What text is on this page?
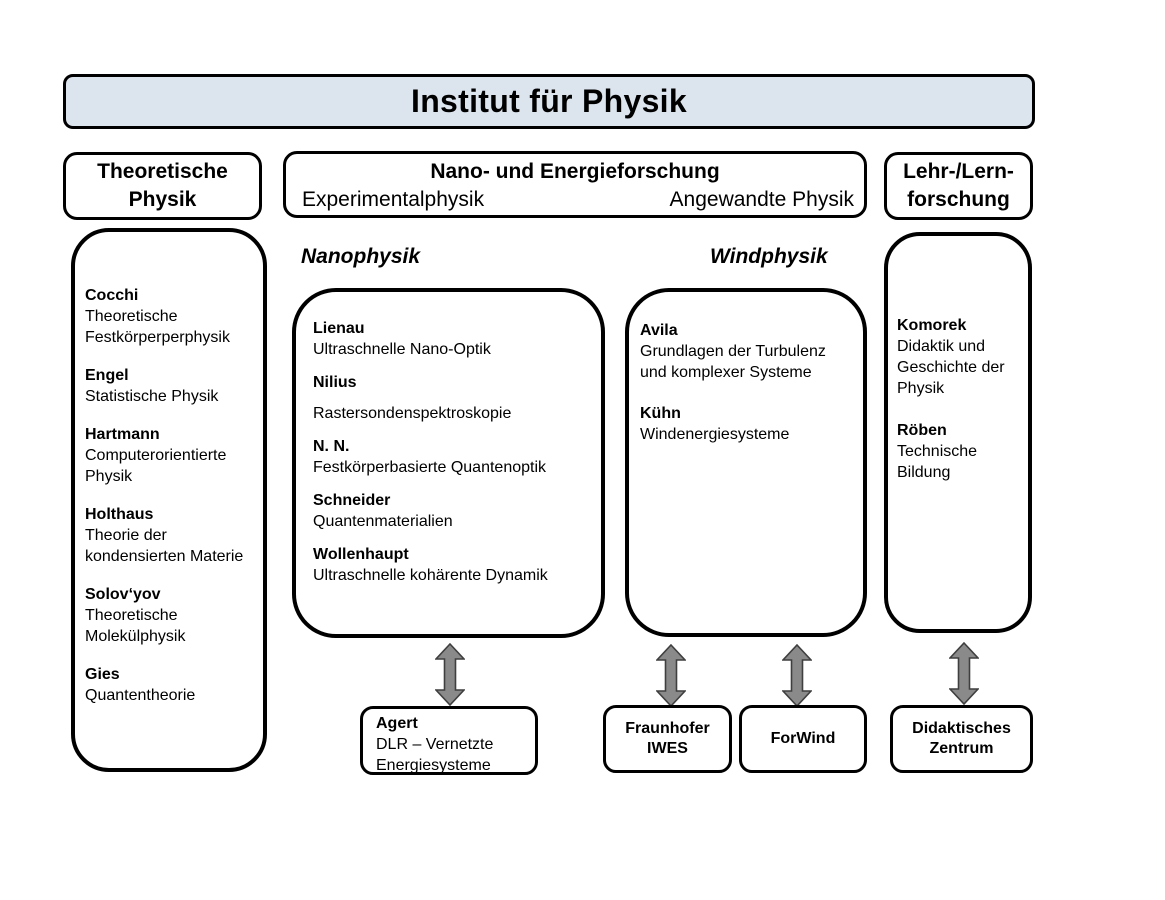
Institut für Physik
Theoretische Physik
Nano- und Energieforschung
Experimentalphysik	Angewandte Physik
Lehr-/Lern-forschung
Nanophysik	Windphysik
Cocchi
Theoretische Festkörperperphysik
Engel
Statistische Physik
Hartmann
Computerorientierte Physik
Holthaus
Theorie der kondensierten Materie
Solov‘yov
Theoretische Molekülphysik
Gies
Quantentheorie
Lienau
Ultraschnelle Nano-Optik
Nilius
Rastersondenspektroskopie
N. N.
Festkörperbasierte Quantenoptik
Schneider
Quantenmaterialien
Wollenhaupt
Ultraschnelle kohärente Dynamik
Avila
Grundlagen der Turbulenz und komplexer Systeme
Kühn
Windenergiesysteme
Komorek
Didaktik und Geschichte der Physik
Röben
Technische Bildung
Agert
DLR – Vernetzte Energiesysteme
Fraunhofer IWES
ForWind
Didaktisches Zentrum
